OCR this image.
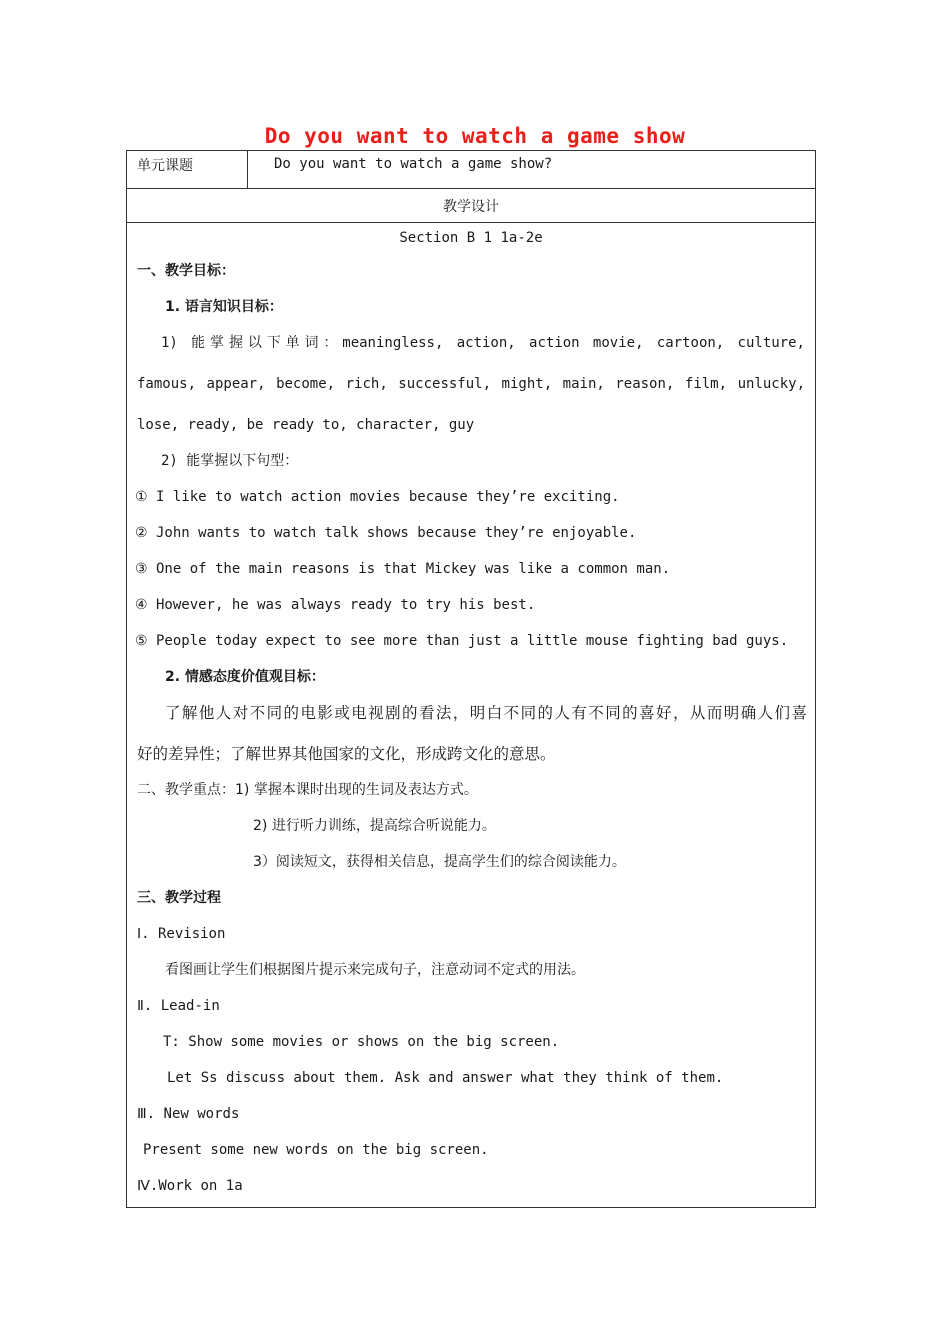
Do you want to watch a game show
单元课题	Do you want to watch a game show?
教学设计
Section B 1 1a-2e
一、教学目标：
1. 语言知识目标：
1) 能掌握以下单词：meaningless, action, action movie, cartoon, culture,
famous, appear, become, rich, successful, might, main, reason, film, unlucky,
lose, ready, be ready to, character, guy
2) 能掌握以下句型：
① I like to watch action movies because they’re exciting.
② John wants to watch talk shows because they’re enjoyable.
③ One of the main reasons is that Mickey was like a common man.
④ However, he was always ready to try his best.
⑤ People today expect to see more than just a little mouse fighting bad guys.
2. 情感态度价值观目标：
了解他人对不同的电影或电视剧的看法，明白不同的人有不同的喜好，从而明确人们喜
好的差异性；了解世界其他国家的文化，形成跨文化的意思。
二、教学重点：1) 掌握本课时出现的生词及表达方式。
2) 进行听力训练，提高综合听说能力。
3）阅读短文，获得相关信息，提高学生们的综合阅读能力。
三、教学过程
Ⅰ. Revision
看图画让学生们根据图片提示来完成句子，注意动词不定式的用法。
Ⅱ. Lead-in
T: Show some movies or shows on the big screen.
Let Ss discuss about them. Ask and answer what they think of them.
Ⅲ. New words
Present some new words on the big screen.
Ⅳ.Work on 1a
